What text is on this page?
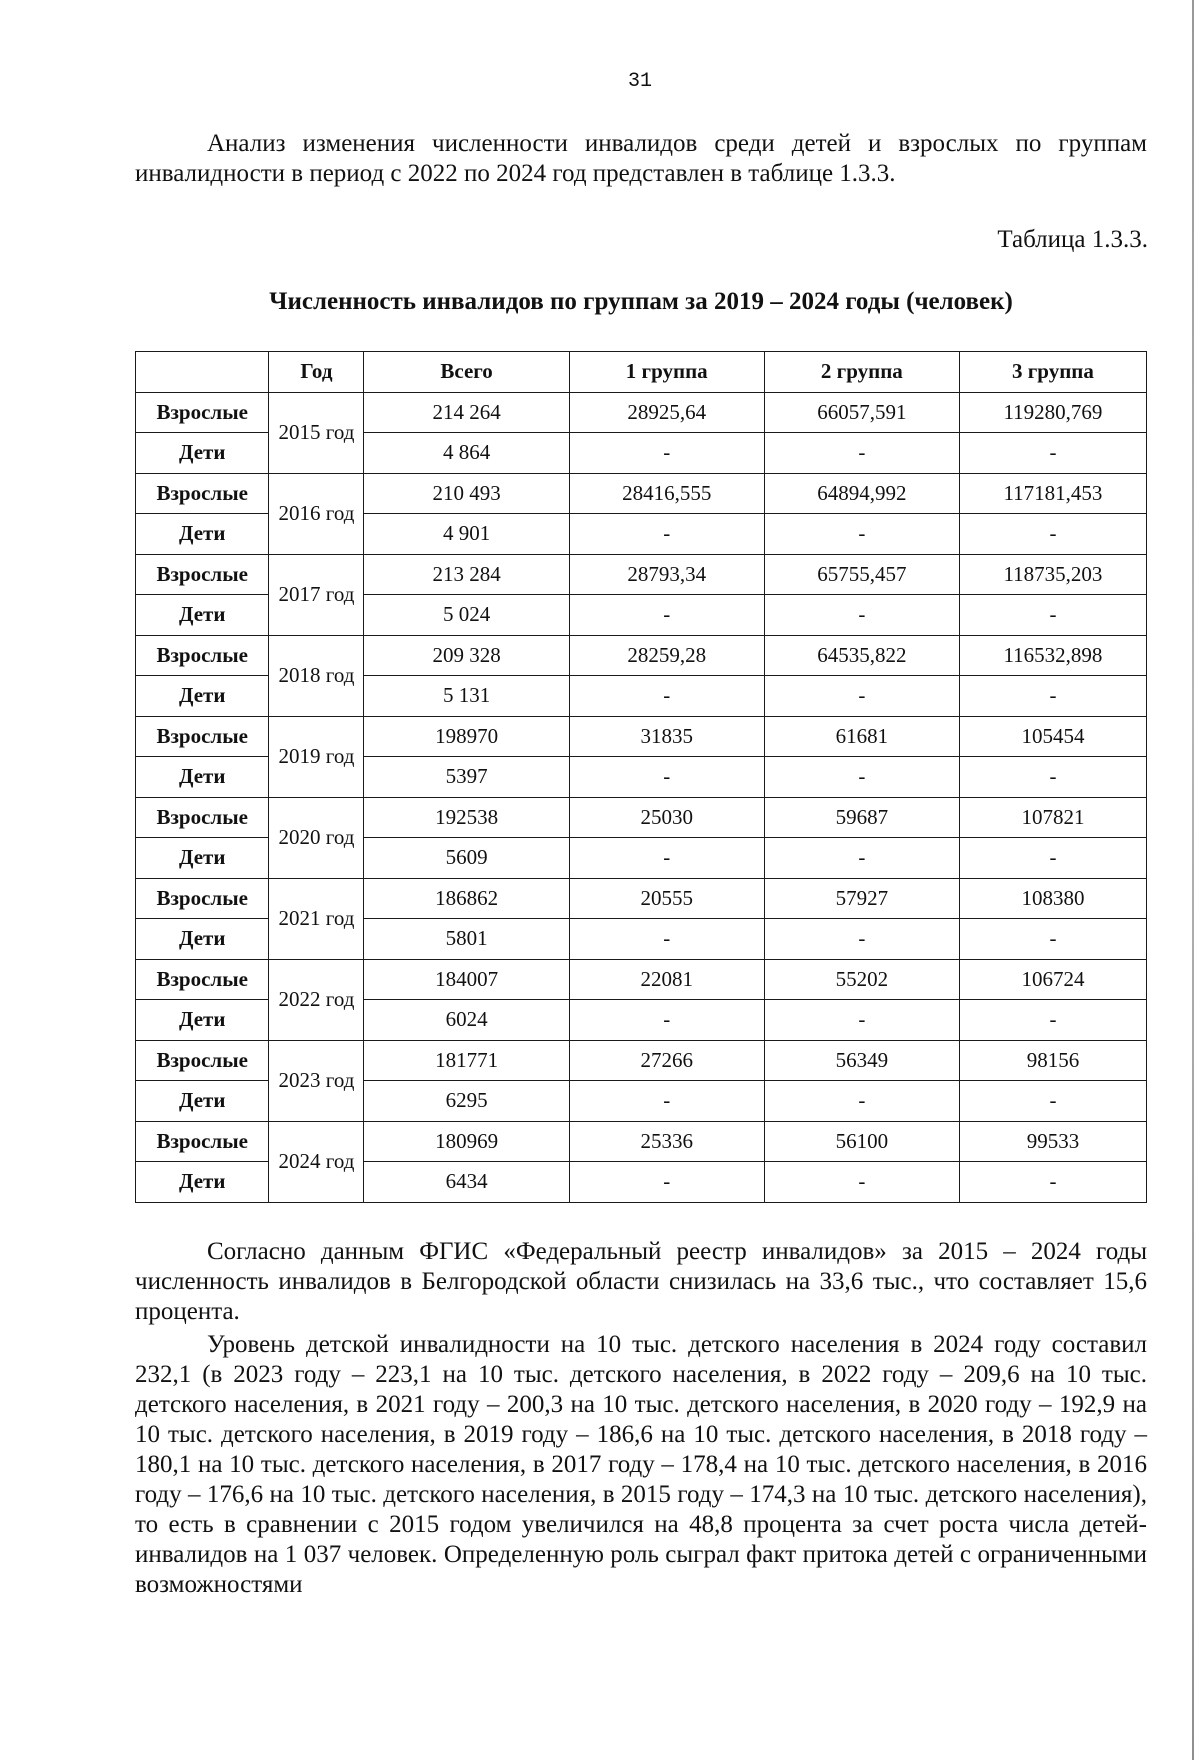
31
Анализ изменения численности инвалидов среди детей и взрослых по группам инвалидности в период с 2022 по 2024 год представлен в таблице 1.3.3.
Таблица 1.3.3.
Численность инвалидов по группам за 2019 – 2024 годы (человек)
	Год	Всего	1 группа	2 группа	3 группа
Взрослые	2015 год	214 264	28925,64	66057,591	119280,769
Дети		4 864	-	-	-
Взрослые	2016 год	210 493	28416,555	64894,992	117181,453
Дети		4 901	-	-	-
Взрослые	2017 год	213 284	28793,34	65755,457	118735,203
Дети		5 024	-	-	-
Взрослые	2018 год	209 328	28259,28	64535,822	116532,898
Дети		5 131	-	-	-
Взрослые	2019 год	198970	31835	61681	105454
Дети		5397	-	-	-
Взрослые	2020 год	192538	25030	59687	107821
Дети		5609	-	-	-
Взрослые	2021 год	186862	20555	57927	108380
Дети		5801	-	-	-
Взрослые	2022 год	184007	22081	55202	106724
Дети		6024	-	-	-
Взрослые	2023 год	181771	27266	56349	98156
Дети		6295	-	-	-
Взрослые	2024 год	180969	25336	56100	99533
Дети		6434	-	-	-
Согласно данным ФГИС «Федеральный реестр инвалидов» за 2015 – 2024 годы численность инвалидов в Белгородской области снизилась на 33,6 тыс., что составляет 15,6 процента.
Уровень детской инвалидности на 10 тыс. детского населения в 2024 году составил 232,1 (в 2023 году – 223,1 на 10 тыс. детского населения, в 2022 году – 209,6 на 10 тыс. детского населения, в 2021 году – 200,3 на 10 тыс. детского населения, в 2020 году – 192,9 на 10 тыс. детского населения, в 2019 году – 186,6 на 10 тыс. детского населения, в 2018 году – 180,1 на 10 тыс. детского населения, в 2017 году – 178,4 на 10 тыс. детского населения, в 2016 году – 176,6 на 10 тыс. детского населения, в 2015 году – 174,3 на 10 тыс. детского населения), то есть в сравнении с 2015 годом увеличился на 48,8 процента за счет роста числа детей-инвалидов на 1 037 человек. Определенную роль сыграл факт притока детей с ограниченными возможностями
